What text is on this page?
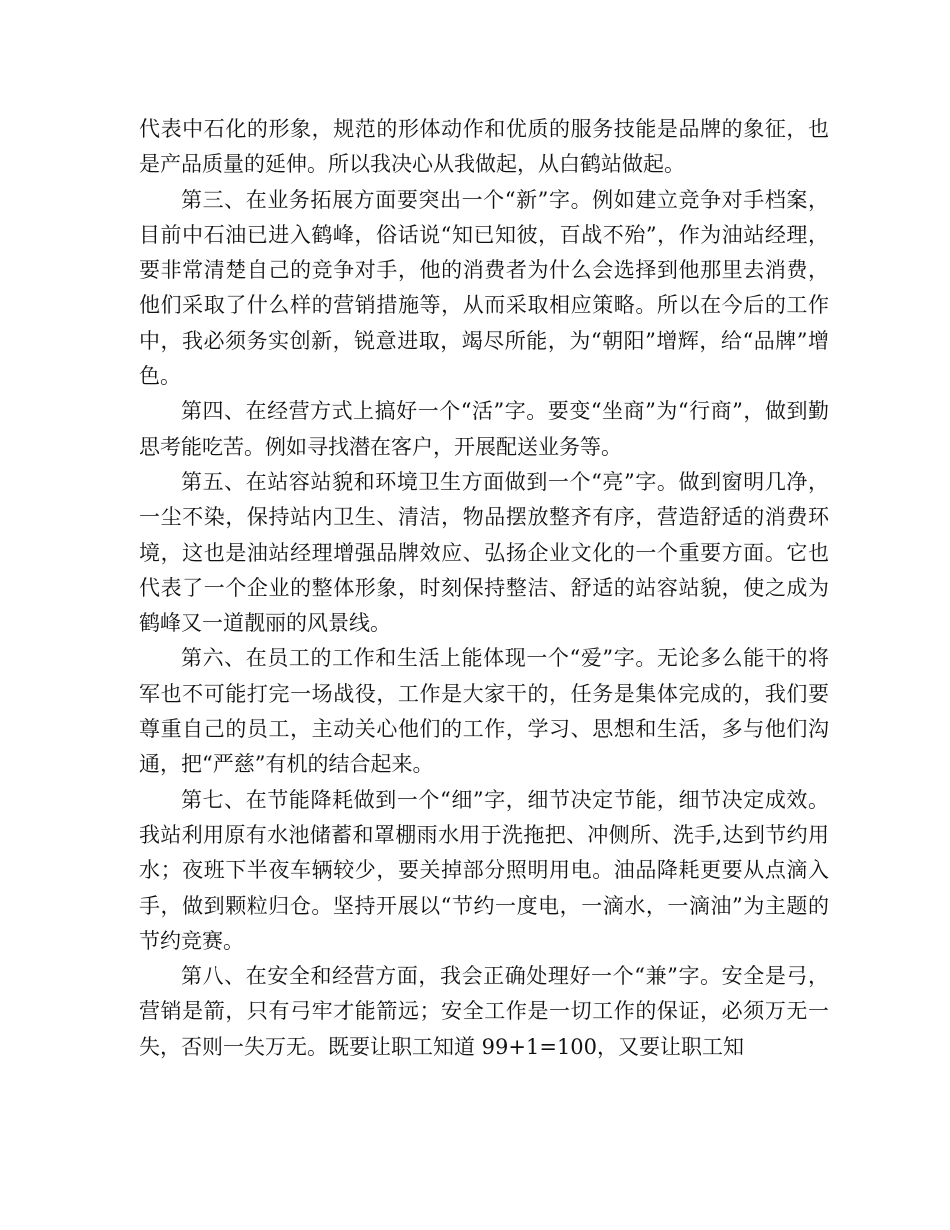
代表中石化的形象，规范的形体动作和优质的服务技能是品牌的象征，也是产品质量的延伸。所以我决心从我做起，从白鹤站做起。

第三、在业务拓展方面要突出一个“新”字。例如建立竞争对手档案，目前中石油已进入鹤峰，俗话说“知已知彼，百战不殆”，作为油站经理，要非常清楚自己的竞争对手，他的消费者为什么会选择到他那里去消费，他们采取了什么样的营销措施等，从而采取相应策略。所以在今后的工作中，我必须务实创新，锐意进取，竭尽所能，为“朝阳”增辉，给“品牌”增色。

第四、在经营方式上搞好一个“活”字。要变“坐商”为“行商”，做到勤思考能吃苦。例如寻找潜在客户，开展配送业务等。

第五、在站容站貌和环境卫生方面做到一个“亮”字。做到窗明几净，一尘不染，保持站内卫生、清洁，物品摆放整齐有序，营造舒适的消费环境，这也是油站经理增强品牌效应、弘扬企业文化的一个重要方面。它也代表了一个企业的整体形象，时刻保持整洁、舒适的站容站貌，使之成为鹤峰又一道靓丽的风景线。

第六、在员工的工作和生活上能体现一个“爱”字。无论多么能干的将军也不可能打完一场战役，工作是大家干的，任务是集体完成的，我们要尊重自己的员工，主动关心他们的工作，学习、思想和生活，多与他们沟通，把“严慈”有机的结合起来。

第七、在节能降耗做到一个“细”字，细节决定节能，细节决定成效。我站利用原有水池储蓄和罩棚雨水用于洗拖把、冲侧所、洗手,达到节约用水；夜班下半夜车辆较少，要关掉部分照明用电。油品降耗更要从点滴入手，做到颗粒归仓。坚持开展以“节约一度电，一滴水，一滴油”为主题的节约竞赛。

第八、在安全和经营方面，我会正确处理好一个“兼”字。安全是弓，营销是箭，只有弓牢才能箭远；安全工作是一切工作的保证，必须万无一失，否则一失万无。既要让职工知道 99+1=100，又要让职工知
